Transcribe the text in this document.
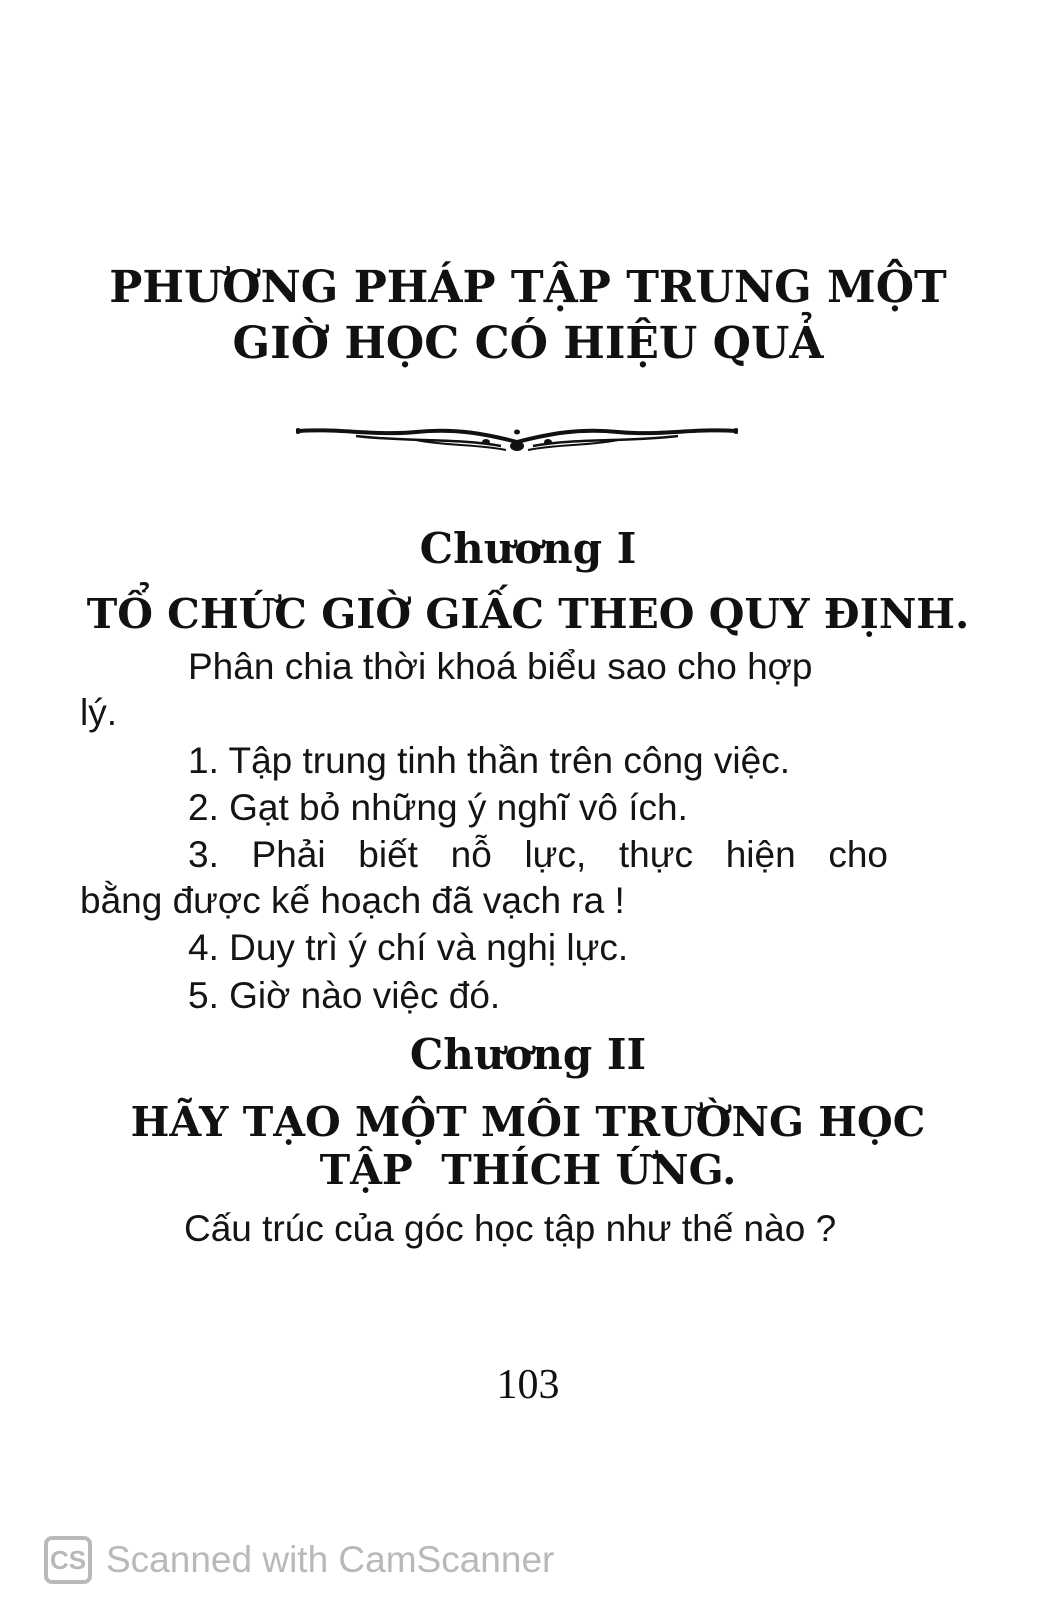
PHƯƠNG PHÁP TẬP TRUNG MỘT
GIỜ HỌC CÓ HIỆU QUẢ
Chương I
TỔ CHỨC GIỜ GIẤC THEO QUY ĐỊNH.
Phân chia thời khoá biểu sao cho hợp
lý.
1. Tập trung tinh thần trên công việc.
2. Gạt bỏ những ý nghĩ vô ích.
3. Phải biết nỗ lực, thực hiện cho
bằng được kế hoạch đã vạch ra !
4. Duy trì ý chí và nghị lực.
5. Giờ nào việc đó.
Chương II
HÃY TẠO MỘT MÔI TRƯỜNG HỌC
TẬP  THÍCH ỨNG.
Cấu trúc của góc học tập như thế nào ?
103
CS Scanned with CamScanner
